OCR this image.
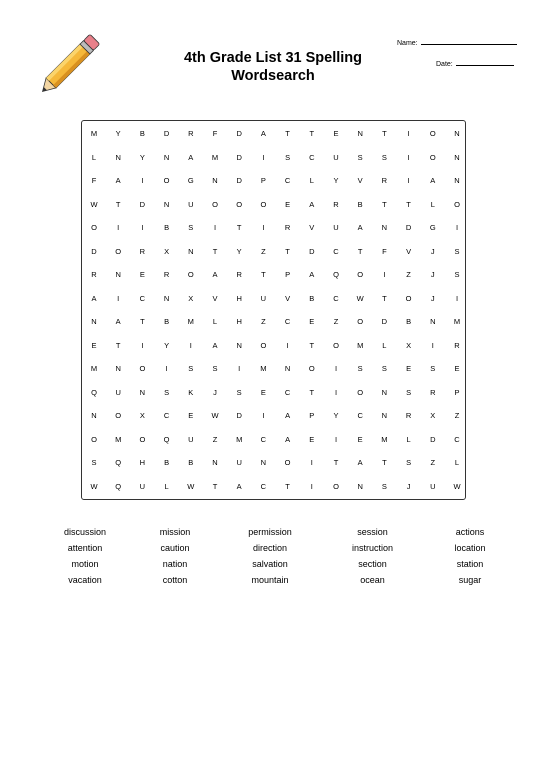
4th Grade List 31 Spelling
Wordsearch
Name:
Date:
M	Y	B	D	R	F	D	A	T	T	E	N	T	I	O	N
L	N	Y	N	A	M	D	I	S	C	U	S	S	I	O	N
F	A	I	O	G	N	D	P	C	L	Y	V	R	I	A	N
W	T	D	N	U	O	O	O	E	A	R	B	T	T	L	O
O	I	I	B	S	I	T	I	R	V	U	A	N	D	G	I
D	O	R	X	N	T	Y	Z	T	D	C	T	F	V	J	S
R	N	E	R	O	A	R	T	P	A	Q	O	I	Z	J	S
A	I	C	N	X	V	H	U	V	B	C	W	T	O	J	I
N	A	T	B	M	L	H	Z	C	E	Z	O	D	B	N	M
E	T	I	Y	I	A	N	O	I	T	O	M	L	X	I	R
M	N	O	I	S	S	I	M	N	O	I	S	S	E	S	E
Q	U	N	S	K	J	S	E	C	T	I	O	N	S	R	P
N	O	X	C	E	W	D	I	A	P	Y	C	N	R	X	Z
O	M	O	Q	U	Z	M	C	A	E	I	E	M	L	D	C
S	Q	H	B	B	N	U	N	O	I	T	A	T	S	Z	L
W	Q	U	L	W	T	A	C	T	I	O	N	S	J	U	W
discussion	mission	permission	session	actions
attention	caution	direction	instruction	location
motion	nation	salvation	section	station
vacation	cotton	mountain	ocean	sugar
